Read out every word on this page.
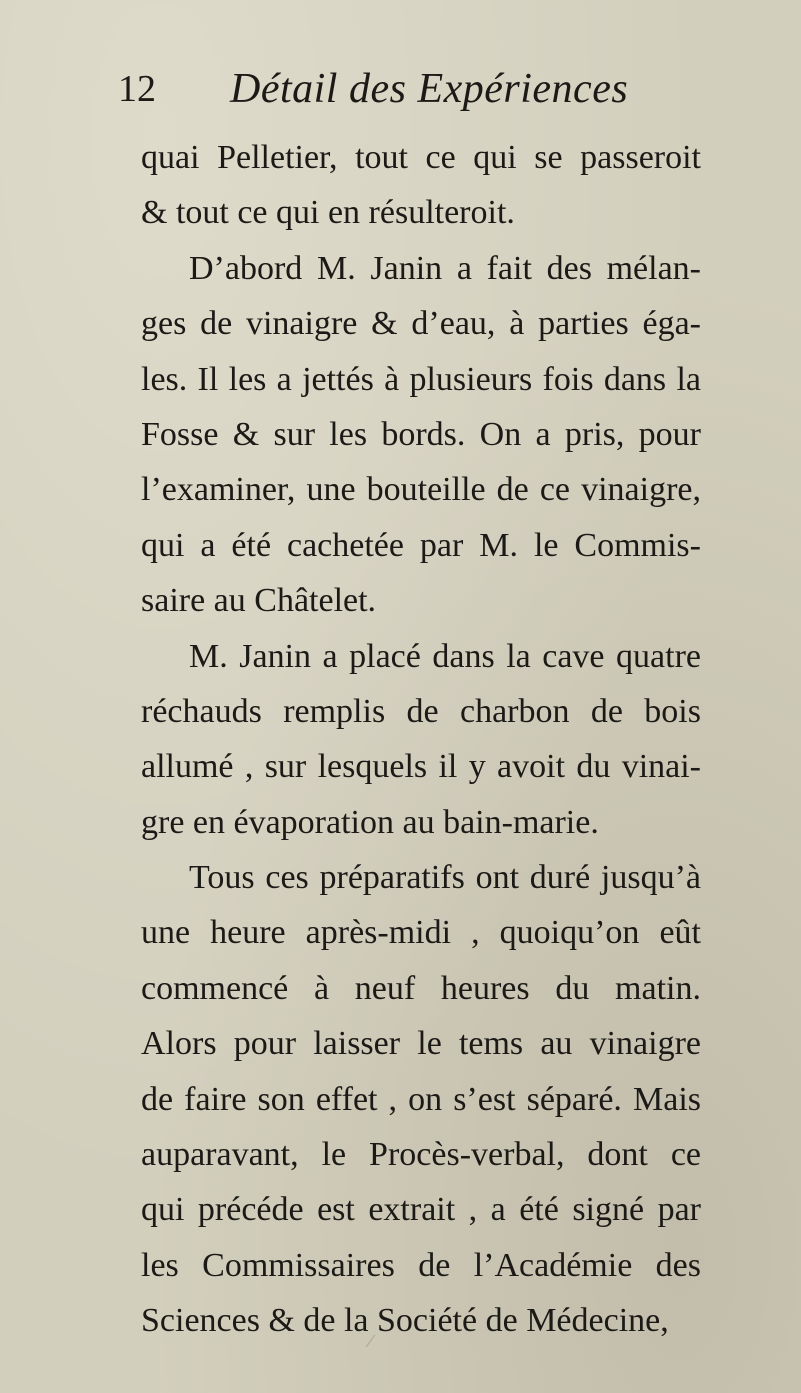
12 Détail des Expériences
quai Pelletier, tout ce qui se passeroit
& tout ce qui en résulteroit.
D’abord M. Janin a fait des mélan-
ges de vinaigre & d’eau, à parties éga-
les. Il les a jettés à plusieurs fois dans la
Fosse & sur les bords. On a pris, pour
l’examiner, une bouteille de ce vinaigre,
qui a été cachetée par M. le Commis-
saire au Châtelet.
M. Janin a placé dans la cave quatre
réchauds remplis de charbon de bois
allumé , sur lesquels il y avoit du vinai-
gre en évaporation au bain-marie.
Tous ces préparatifs ont duré jusqu’à
une heure après-midi , quoiqu’on eût
commencé à neuf heures du matin.
Alors pour laisser le tems au vinaigre
de faire son effet , on s’est séparé. Mais
auparavant, le Procès-verbal, dont ce
qui précéde est extrait , a été signé par
les Commissaires de l’Académie des
Sciences & de la Société de Médecine,
